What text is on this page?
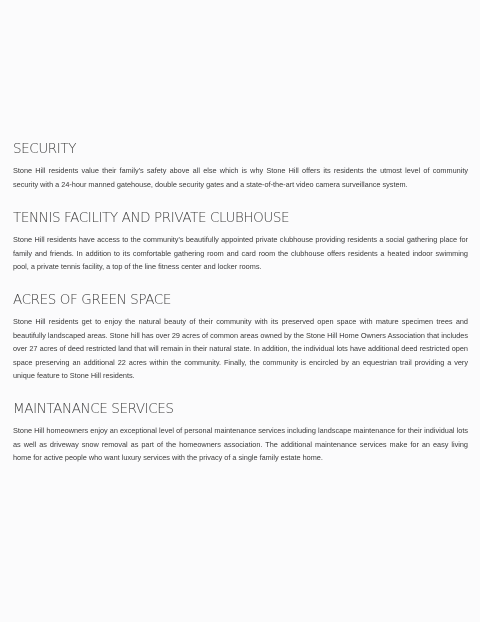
SECURITY

Stone Hill residents value their family's safety above all else which is why Stone Hill offers its residents the utmost level of community security with a 24-hour manned gatehouse, double security gates and a state-of-the-art video camera surveillance system.

TENNIS FACILITY AND PRIVATE CLUBHOUSE

Stone Hill residents have access to the community's beautifully appointed private clubhouse providing residents a social gathering place for family and friends. In addition to its comfortable gathering room and card room the clubhouse offers residents a heated indoor swimming pool, a private tennis facility, a top of the line fitness center and locker rooms.

ACRES OF GREEN SPACE

Stone Hill residents get to enjoy the natural beauty of their community with its preserved open space with mature specimen trees and beautifully landscaped areas. Stone hill has over 29 acres of common areas owned by the Stone Hill Home Owners Association that includes over 27 acres of deed restricted land that will remain in their natural state. In addition, the individual lots have additional deed restricted open space preserving an additional 22 acres within the community. Finally, the community is encircled by an equestrian trail providing a very unique feature to Stone Hill residents.

MAINTANANCE SERVICES

Stone Hill homeowners enjoy an exceptional level of personal maintenance services including landscape maintenance for their individual lots as well as driveway snow removal as part of the homeowners association. The additional maintenance services make for an easy living home for active people who want luxury services with the privacy of a single family estate home.
